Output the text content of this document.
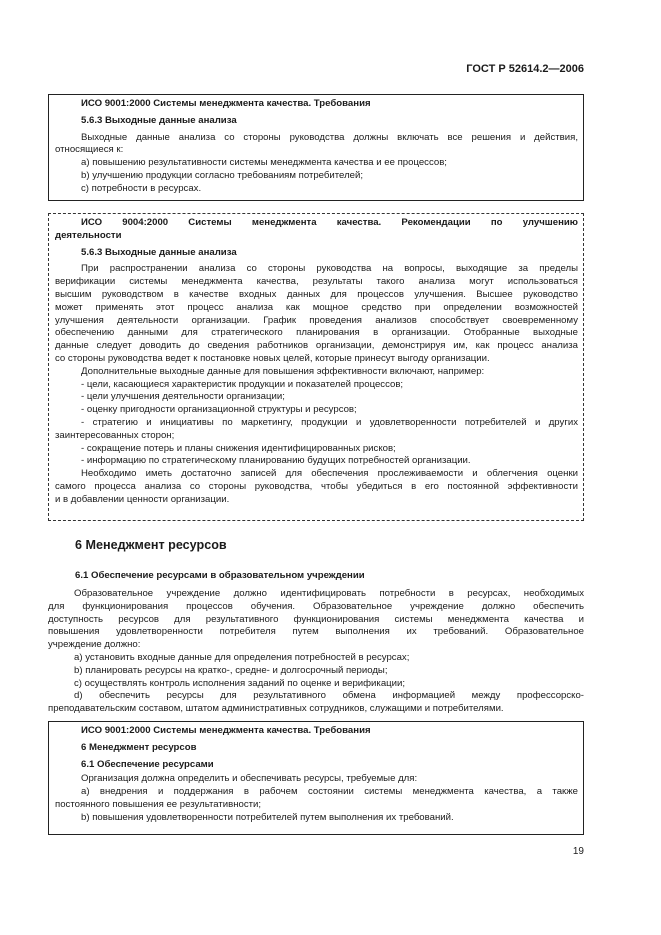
ГОСТ Р 52614.2—2006

ИСО 9001:2000 Системы менеджмента качества. Требования

5.6.3 Выходные данные анализа

Выходные данные анализа со стороны руководства должны включать все решения и действия,

относящиеся к:

а) повышению результативности системы менеджмента качества и ее процессов;

b) улучшению продукции согласно требованиям потребителей;

с) потребности в ресурсах.

ИСО 9004:2000 Системы менеджмента качества. Рекомендации по улучшению

деятельности

5.6.3 Выходные данные анализа

При распространении анализа со стороны руководства на вопросы, выходящие за пределы

верификации системы менеджмента качества, результаты такого анализа могут использоваться

высшим руководством в качестве входных данных для процессов улучшения. Высшее руководство

может применять этот процесс анализа как мощное средство при определении возможностей

улучшения деятельности организации. График проведения анализов способствует своевременному

обеспечению данными для стратегического планирования в организации. Отобранные выходные

данные следует доводить до сведения работников организации, демонстрируя им, как процесс анализа

со стороны руководства ведет к постановке новых целей, которые принесут выгоду организации.

Дополнительные выходные данные для повышения эффективности включают, например:

- цели, касающиеся характеристик продукции и показателей процессов;

- цели улучшения деятельности организации;

- оценку пригодности организационной структуры и ресурсов;

- стратегию и инициативы по маркетингу, продукции и удовлетворенности потребителей и других

заинтересованных сторон;

- сокращение потерь и планы снижения идентифицированных рисков;

- информацию по стратегическому планированию будущих потребностей организации.

Необходимо иметь достаточно записей для обеспечения прослеживаемости и облегчения оценки

самого процесса анализа со стороны руководства, чтобы убедиться в его постоянной эффективности

и в добавлении ценности организации.

6 Менеджмент ресурсов
6.1 Обеспечение ресурсами в образовательном учреждении

Образовательное учреждение должно идентифицировать потребности в ресурсах, необходимых

для функционирования процессов обучения. Образовательное учреждение должно обеспечить

доступность ресурсов для результативного функционирования системы менеджмента качества и

повышения удовлетворенности потребителя путем выполнения их требований. Образовательное

учреждение должно:

а) установить входные данные для определения потребностей в ресурсах;

b) планировать ресурсы на кратко-, средне- и долгосрочный периоды;

с) осуществлять контроль исполнения заданий по оценке и верификации;

d) обеспечить ресурсы для результативного обмена информацией между профессорско-

преподавательским составом, штатом административных сотрудников, служащими и потребителями.

ИСО 9001:2000 Системы менеджмента качества. Требования

6 Менеджмент ресурсов

6.1 Обеспечение ресурсами

Организация должна определить и обеспечивать ресурсы, требуемые для:

а) внедрения и поддержания в рабочем состоянии системы менеджмента качества, а также

постоянного повышения ее результативности;

b) повышения удовлетворенности потребителей путем выполнения их требований.

19
